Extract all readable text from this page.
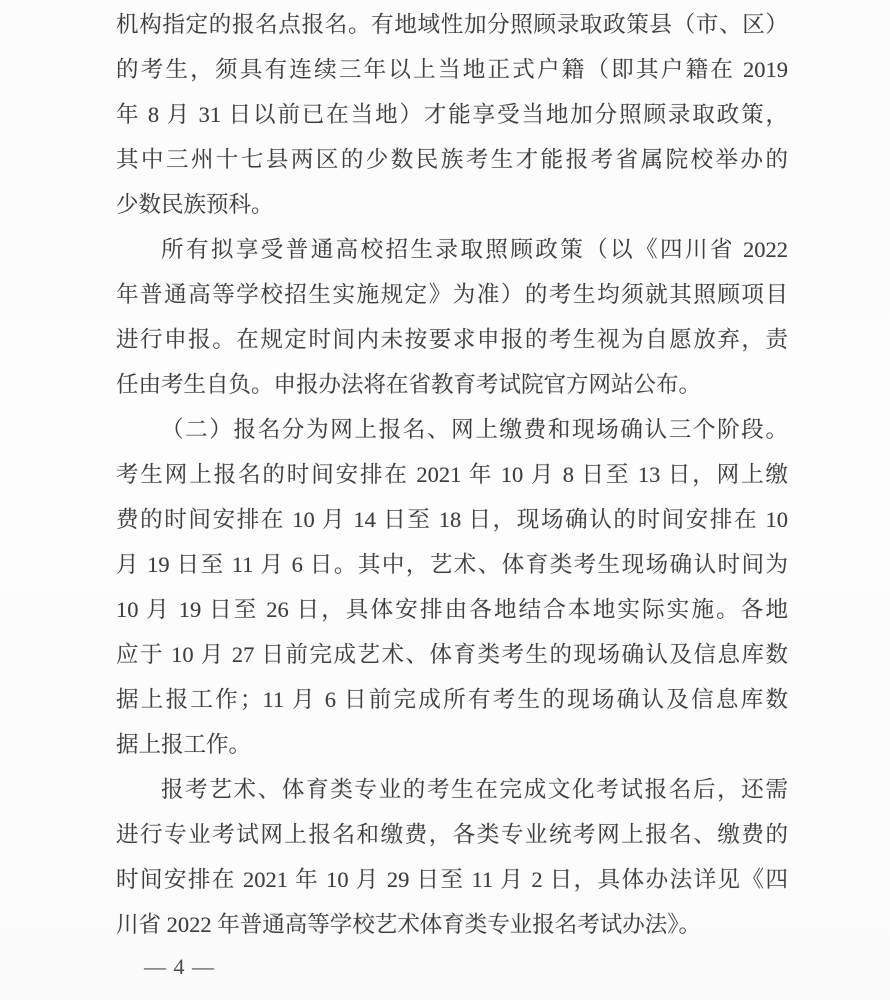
机构指定的报名点报名。有地域性加分照顾录取政策县（市、区）

的考生，须具有连续三年以上当地正式户籍（即其户籍在 2019

年 8 月 31 日以前已在当地）才能享受当地加分照顾录取政策，

其中三州十七县两区的少数民族考生才能报考省属院校举办的

少数民族预科。

所有拟享受普通高校招生录取照顾政策（以《四川省 2022

年普通高等学校招生实施规定》为准）的考生均须就其照顾项目

进行申报。在规定时间内未按要求申报的考生视为自愿放弃，责

任由考生自负。申报办法将在省教育考试院官方网站公布。

（二）报名分为网上报名、网上缴费和现场确认三个阶段。

考生网上报名的时间安排在 2021 年 10 月 8 日至 13 日，网上缴

费的时间安排在 10 月 14 日至 18 日，现场确认的时间安排在 10

月 19 日至 11 月 6 日。其中，艺术、体育类考生现场确认时间为

10 月 19 日至 26 日，具体安排由各地结合本地实际实施。各地

应于 10 月 27 日前完成艺术、体育类考生的现场确认及信息库数

据上报工作；11 月 6 日前完成所有考生的现场确认及信息库数

据上报工作。

报考艺术、体育类专业的考生在完成文化考试报名后，还需

进行专业考试网上报名和缴费，各类专业统考网上报名、缴费的

时间安排在 2021 年 10 月 29 日至 11 月 2 日，具体办法详见《四

川省 2022 年普通高等学校艺术体育类专业报名考试办法》。

— 4 —
